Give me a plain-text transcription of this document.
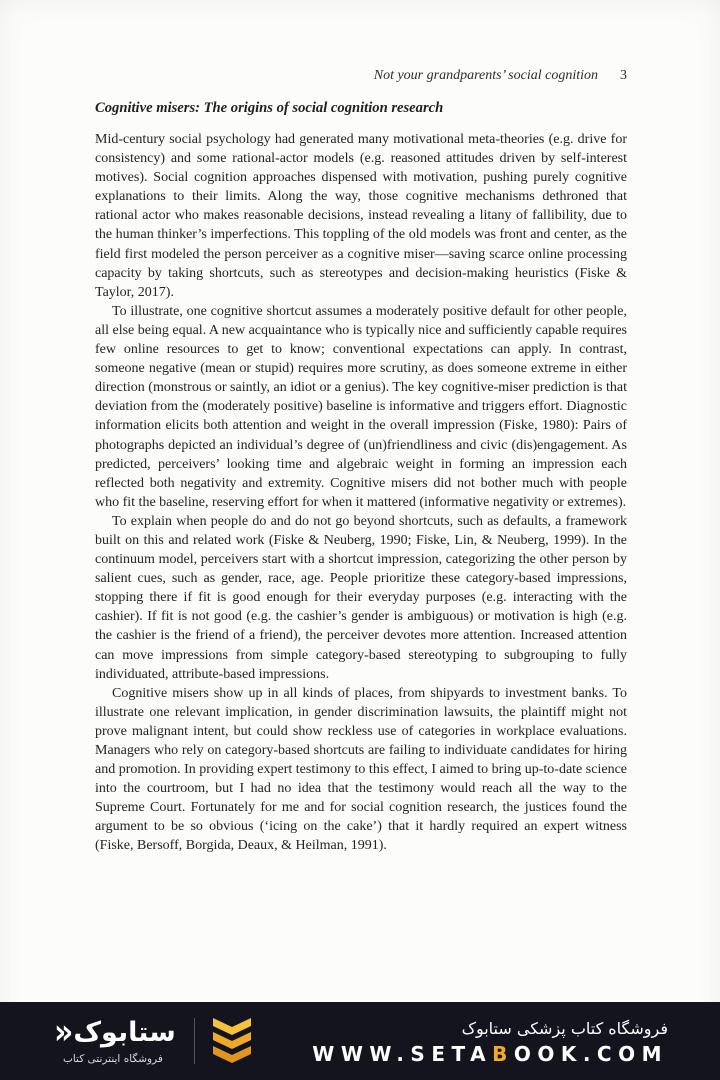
Not your grandparents’ social cognition 3

Cognitive misers: The origins of social cognition research

Mid-century social psychology had generated many motivational meta-theories (e.g. drive for consistency) and some rational-actor models (e.g. reasoned attitudes driven by self-interest motives). Social cognition approaches dispensed with motivation, pushing purely cognitive explanations to their limits. Along the way, those cognitive mechanisms dethroned that rational actor who makes reasonable decisions, instead revealing a litany of fallibility, due to the human thinker’s imperfections. This toppling of the old models was front and center, as the field first modeled the person perceiver as a cognitive miser—saving scarce online processing capacity by taking shortcuts, such as stereotypes and decision-making heuristics (Fiske & Taylor, 2017).

To illustrate, one cognitive shortcut assumes a moderately positive default for other people, all else being equal. A new acquaintance who is typically nice and sufficiently capable requires few online resources to get to know; conventional expectations can apply. In contrast, someone negative (mean or stupid) requires more scrutiny, as does someone extreme in either direction (monstrous or saintly, an idiot or a genius). The key cognitive-miser prediction is that deviation from the (moderately positive) baseline is informative and triggers effort. Diagnostic information elicits both attention and weight in the overall impression (Fiske, 1980): Pairs of photographs depicted an individual’s degree of (un)friendliness and civic (dis)engagement. As predicted, perceivers’ looking time and algebraic weight in forming an impression each reflected both negativity and extremity. Cognitive misers did not bother much with people who fit the baseline, reserving effort for when it mattered (informative negativity or extremes).

To explain when people do and do not go beyond shortcuts, such as defaults, a framework built on this and related work (Fiske & Neuberg, 1990; Fiske, Lin, & Neuberg, 1999). In the continuum model, perceivers start with a shortcut impression, categorizing the other person by salient cues, such as gender, race, age. People prioritize these category-based impressions, stopping there if fit is good enough for their everyday purposes (e.g. interacting with the cashier). If fit is not good (e.g. the cashier’s gender is ambiguous) or motivation is high (e.g. the cashier is the friend of a friend), the perceiver devotes more attention. Increased attention can move impressions from simple category-based stereotyping to subgrouping to fully individuated, attribute-based impressions.

Cognitive misers show up in all kinds of places, from shipyards to investment banks. To illustrate one relevant implication, in gender discrimination lawsuits, the plaintiff might not prove malignant intent, but could show reckless use of categories in workplace evaluations. Managers who rely on category-based shortcuts are failing to individuate candidates for hiring and promotion. In providing expert testimony to this effect, I aimed to bring up-to-date science into the courtroom, but I had no idea that the testimony would reach all the way to the Supreme Court. Fortunately for me and for social cognition research, the justices found the argument to be so obvious (‘icing on the cake’) that it hardly required an expert witness (Fiske, Bersoff, Borgida, Deaux, & Heilman, 1991).

ستابوک
«
فروشگاه اینترنتی کتاب
فروشگاه کتاب پزشکی ستابوک
WWW.SETABOOK.COM
